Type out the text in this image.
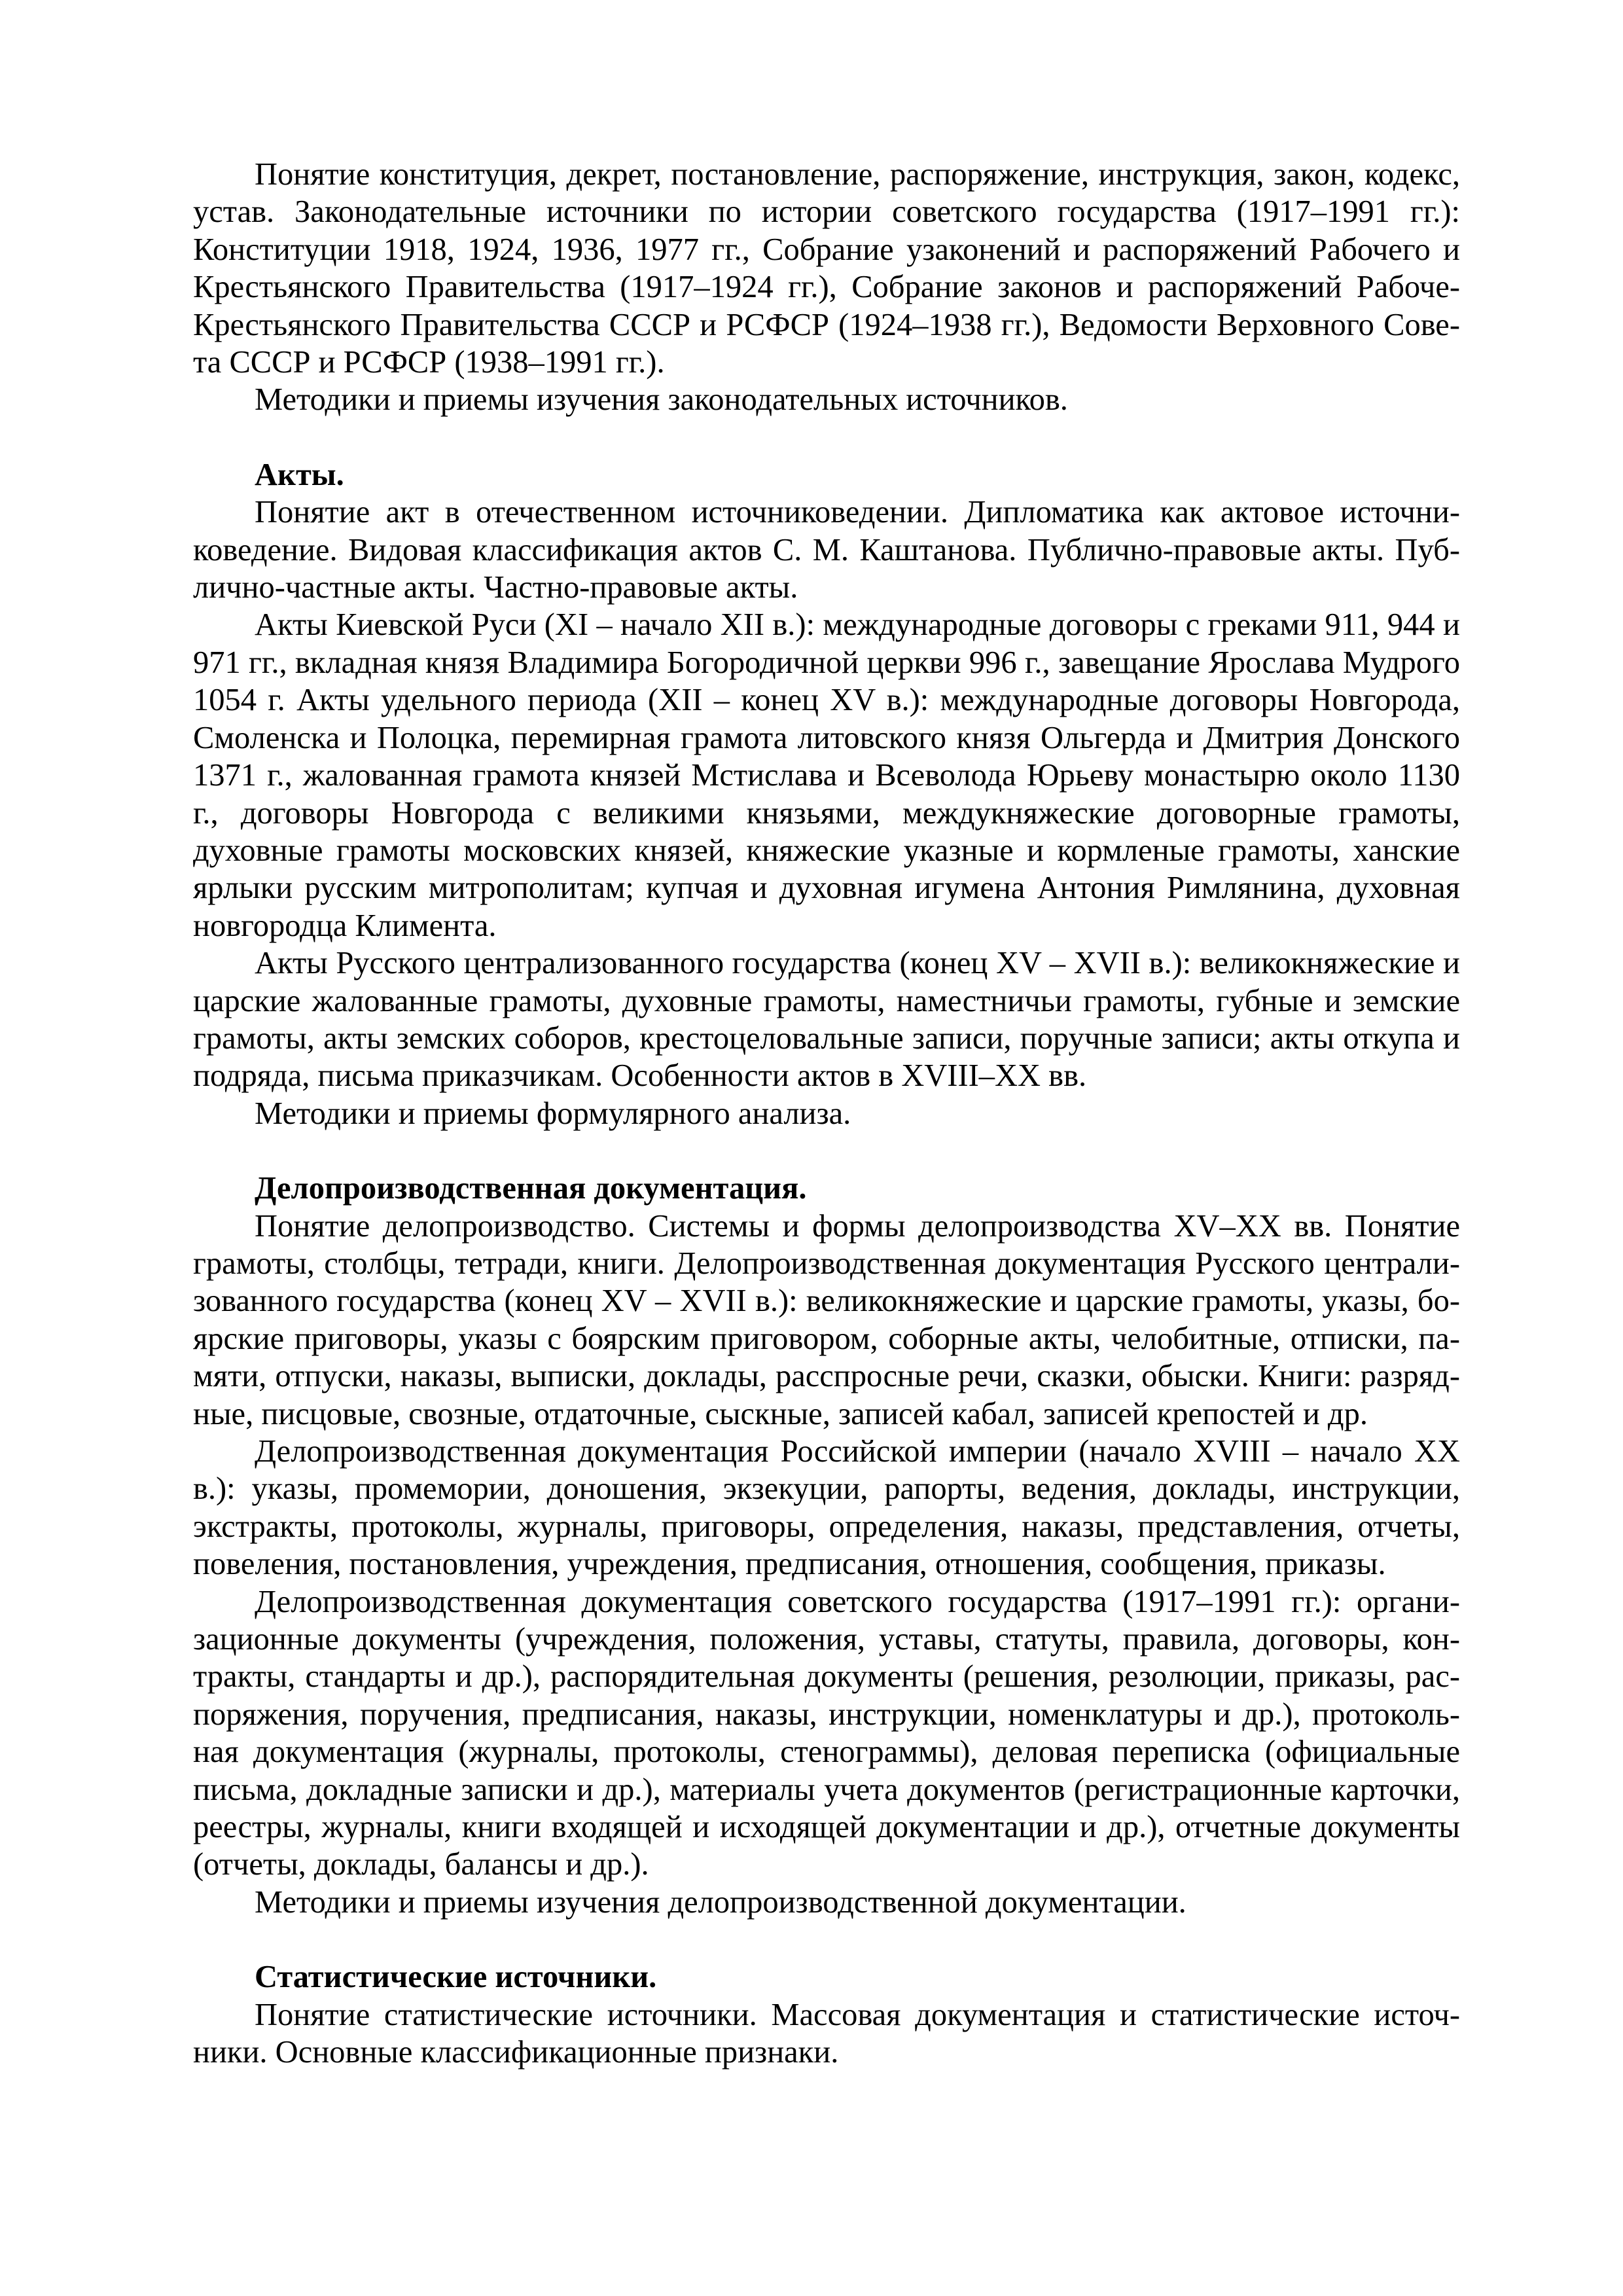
Понятие конституция, декрет, постановление, распоряжение, инструкция, закон, кодекс, устав. Законодательные источники по истории советского государства (1917–1991 гг.): Конституции 1918, 1924, 1936, 1977 гг., Собрание узаконений и распоряжений Рабочего и Крестьянского Правительства (1917–1924 гг.), Собрание законов и распоряжений Рабоче-Крестьянского Правительства СССР и РСФСР (1924–1938 гг.), Ведомости Верховного Совета СССР и РСФСР (1938–1991 гг.).

Методики и приемы изучения законодательных источников.

Акты.

Понятие акт в отечественном источниковедении. Дипломатика как актовое источниковедение. Видовая классификация актов С. М. Каштанова. Публично-правовые акты. Публично-частные акты. Частно-правовые акты.

Акты Киевской Руси (XI – начало XII в.): международные договоры с греками 911, 944 и 971 гг., вкладная князя Владимира Богородичной церкви 996 г., завещание Ярослава Мудрого 1054 г. Акты удельного периода (XII – конец XV в.): международные договоры Новгорода, Смоленска и Полоцка, перемирная грамота литовского князя Ольгерда и Дмитрия Донского 1371 г., жалованная грамота князей Мстислава и Всеволода Юрьеву монастырю около 1130 г., договоры Новгорода с великими князьями, междукняжеские договорные грамоты, духовные грамоты московских князей, княжеские указные и кормленые грамоты, ханские ярлыки русским митрополитам; купчая и духовная игумена Антония Римлянина, духовная новгородца Климента.

Акты Русского централизованного государства (конец XV – XVII в.): великокняжеские и царские жалованные грамоты, духовные грамоты, наместничьи грамоты, губные и земские грамоты, акты земских соборов, крестоцеловальные записи, поручные записи; акты откупа и подряда, письма приказчикам. Особенности актов в XVIII–XX вв.

Методики и приемы формулярного анализа.

Делопроизводственная документация.

Понятие делопроизводство. Системы и формы делопроизводства XV–XX вв. Понятие грамоты, столбцы, тетради, книги. Делопроизводственная документация Русского централизованного государства (конец XV – XVII в.): великокняжеские и царские грамоты, указы, боярские приговоры, указы с боярским приговором, соборные акты, челобитные, отписки, памяти, отпуски, наказы, выписки, доклады, расспросные речи, сказки, обыски. Книги: разрядные, писцовые, свозные, отдаточные, сыскные, записей кабал, записей крепостей и др.

Делопроизводственная документация Российской империи (начало XVIII – начало XX в.): указы, промемории, доношения, экзекуции, рапорты, ведения, доклады, инструкции, экстракты, протоколы, журналы, приговоры, определения, наказы, представления, отчеты, повеления, постановления, учреждения, предписания, отношения, сообщения, приказы.

Делопроизводственная документация советского государства (1917–1991 гг.): организационные документы (учреждения, положения, уставы, статуты, правила, договоры, контракты, стандарты и др.), распорядительная документы (решения, резолюции, приказы, распоряжения, поручения, предписания, наказы, инструкции, номенклатуры и др.), протокольная документация (журналы, протоколы, стенограммы), деловая переписка (официальные письма, докладные записки и др.), материалы учета документов (регистрационные карточки, реестры, журналы, книги входящей и исходящей документации и др.), отчетные документы (отчеты, доклады, балансы и др.).

Методики и приемы изучения делопроизводственной документации.

Статистические источники.

Понятие статистические источники. Массовая документация и статистические источники. Основные классификационные признаки.
